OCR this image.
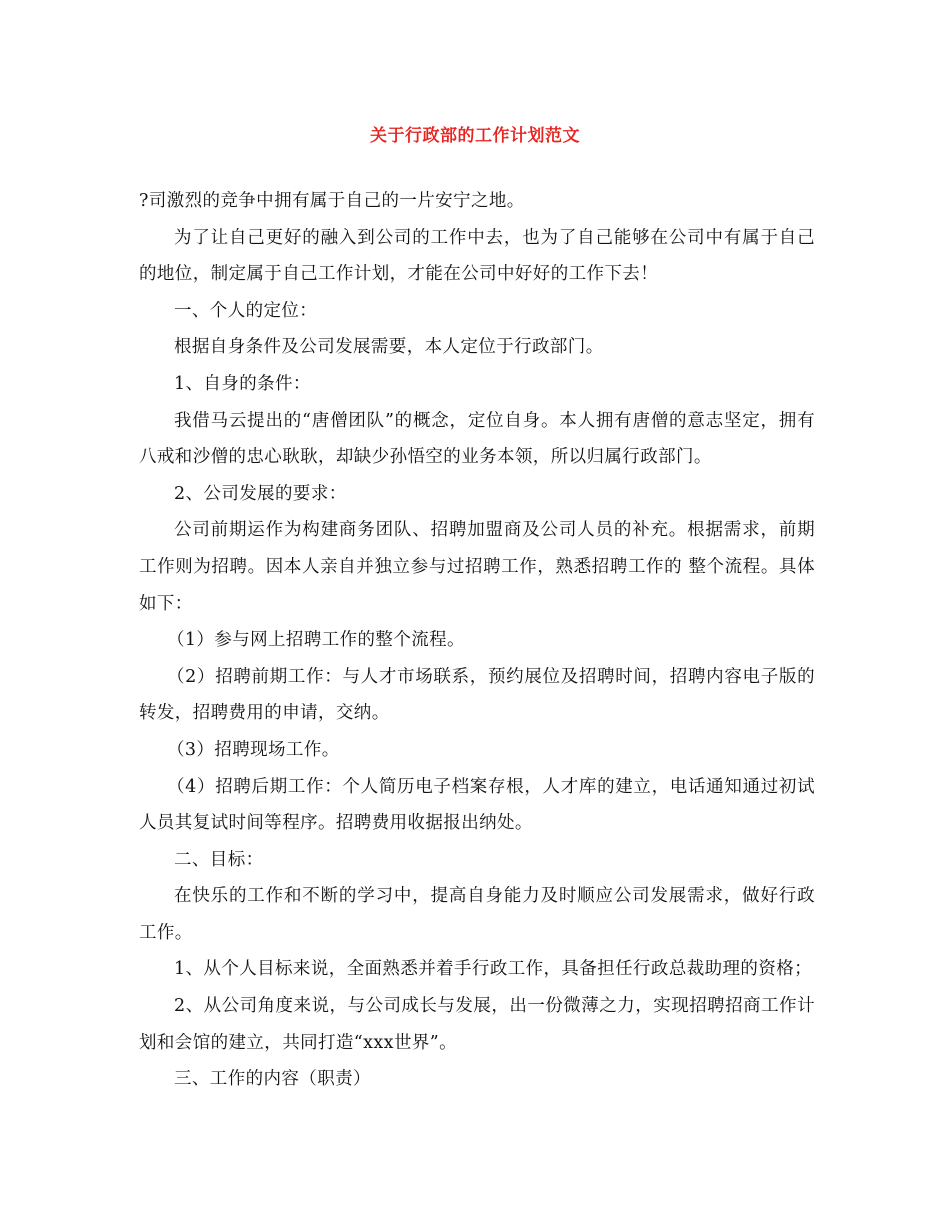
关于行政部的工作计划范文

?司激烈的竞争中拥有属于自己的一片安宁之地。

为了让自己更好的融入到公司的工作中去，也为了自己能够在公司中有属于自己的地位，制定属于自己工作计划，才能在公司中好好的工作下去！

一、个人的定位：

根据自身条件及公司发展需要，本人定位于行政部门。

1、自身的条件：

我借马云提出的“唐僧团队”的概念，定位自身。本人拥有唐僧的意志坚定，拥有八戒和沙僧的忠心耿耿，却缺少孙悟空的业务本领，所以归属行政部门。

2、公司发展的要求：

公司前期运作为构建商务团队、招聘加盟商及公司人员的补充。根据需求，前期工作则为招聘。因本人亲自并独立参与过招聘工作，熟悉招聘工作的 整个流程。具体如下：

（1）参与网上招聘工作的整个流程。

（2）招聘前期工作：与人才市场联系，预约展位及招聘时间，招聘内容电子版的转发，招聘费用的申请，交纳。

（3）招聘现场工作。

（4）招聘后期工作：个人简历电子档案存根，人才库的建立，电话通知通过初试人员其复试时间等程序。招聘费用收据报出纳处。

二、目标：

在快乐的工作和不断的学习中，提高自身能力及时顺应公司发展需求，做好行政工作。

1、从个人目标来说，全面熟悉并着手行政工作，具备担任行政总裁助理的资格；

2、从公司角度来说，与公司成长与发展，出一份微薄之力，实现招聘招商工作计划和会馆的建立，共同打造“xxx世界”。

三、工作的内容（职责）
